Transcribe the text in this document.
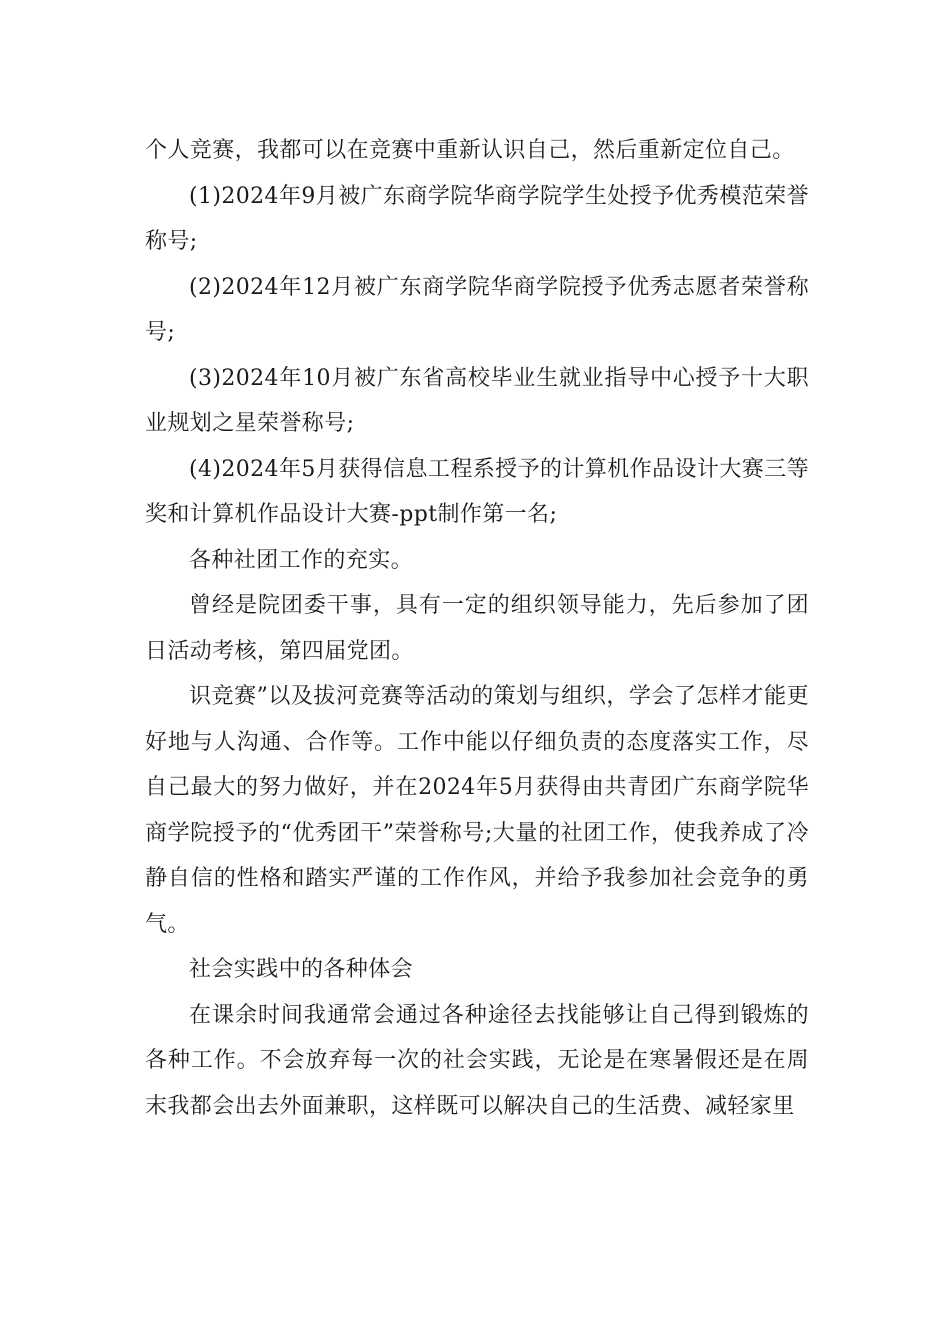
个人竞赛，我都可以在竞赛中重新认识自己，然后重新定位自己。

(1)2024年9月被广东商学院华商学院学生处授予优秀模范荣誉称号;

(2)2024年12月被广东商学院华商学院授予优秀志愿者荣誉称号;

(3)2024年10月被广东省高校毕业生就业指导中心授予十大职业规划之星荣誉称号;

(4)2024年5月获得信息工程系授予的计算机作品设计大赛三等奖和计算机作品设计大赛-ppt制作第一名;

各种社团工作的充实。

曾经是院团委干事，具有一定的组织领导能力，先后参加了团日活动考核，第四届党团。

识竞赛”以及拔河竞赛等活动的策划与组织，学会了怎样才能更好地与人沟通、合作等。工作中能以仔细负责的态度落实工作，尽自己最大的努力做好，并在2024年5月获得由共青团广东商学院华商学院授予的“优秀团干”荣誉称号;大量的社团工作，使我养成了冷静自信的性格和踏实严谨的工作作风，并给予我参加社会竞争的勇气。

社会实践中的各种体会

在课余时间我通常会通过各种途径去找能够让自己得到锻炼的各种工作。不会放弃每一次的社会实践，无论是在寒暑假还是在周末我都会出去外面兼职，这样既可以解决自己的生活费、减轻家里
